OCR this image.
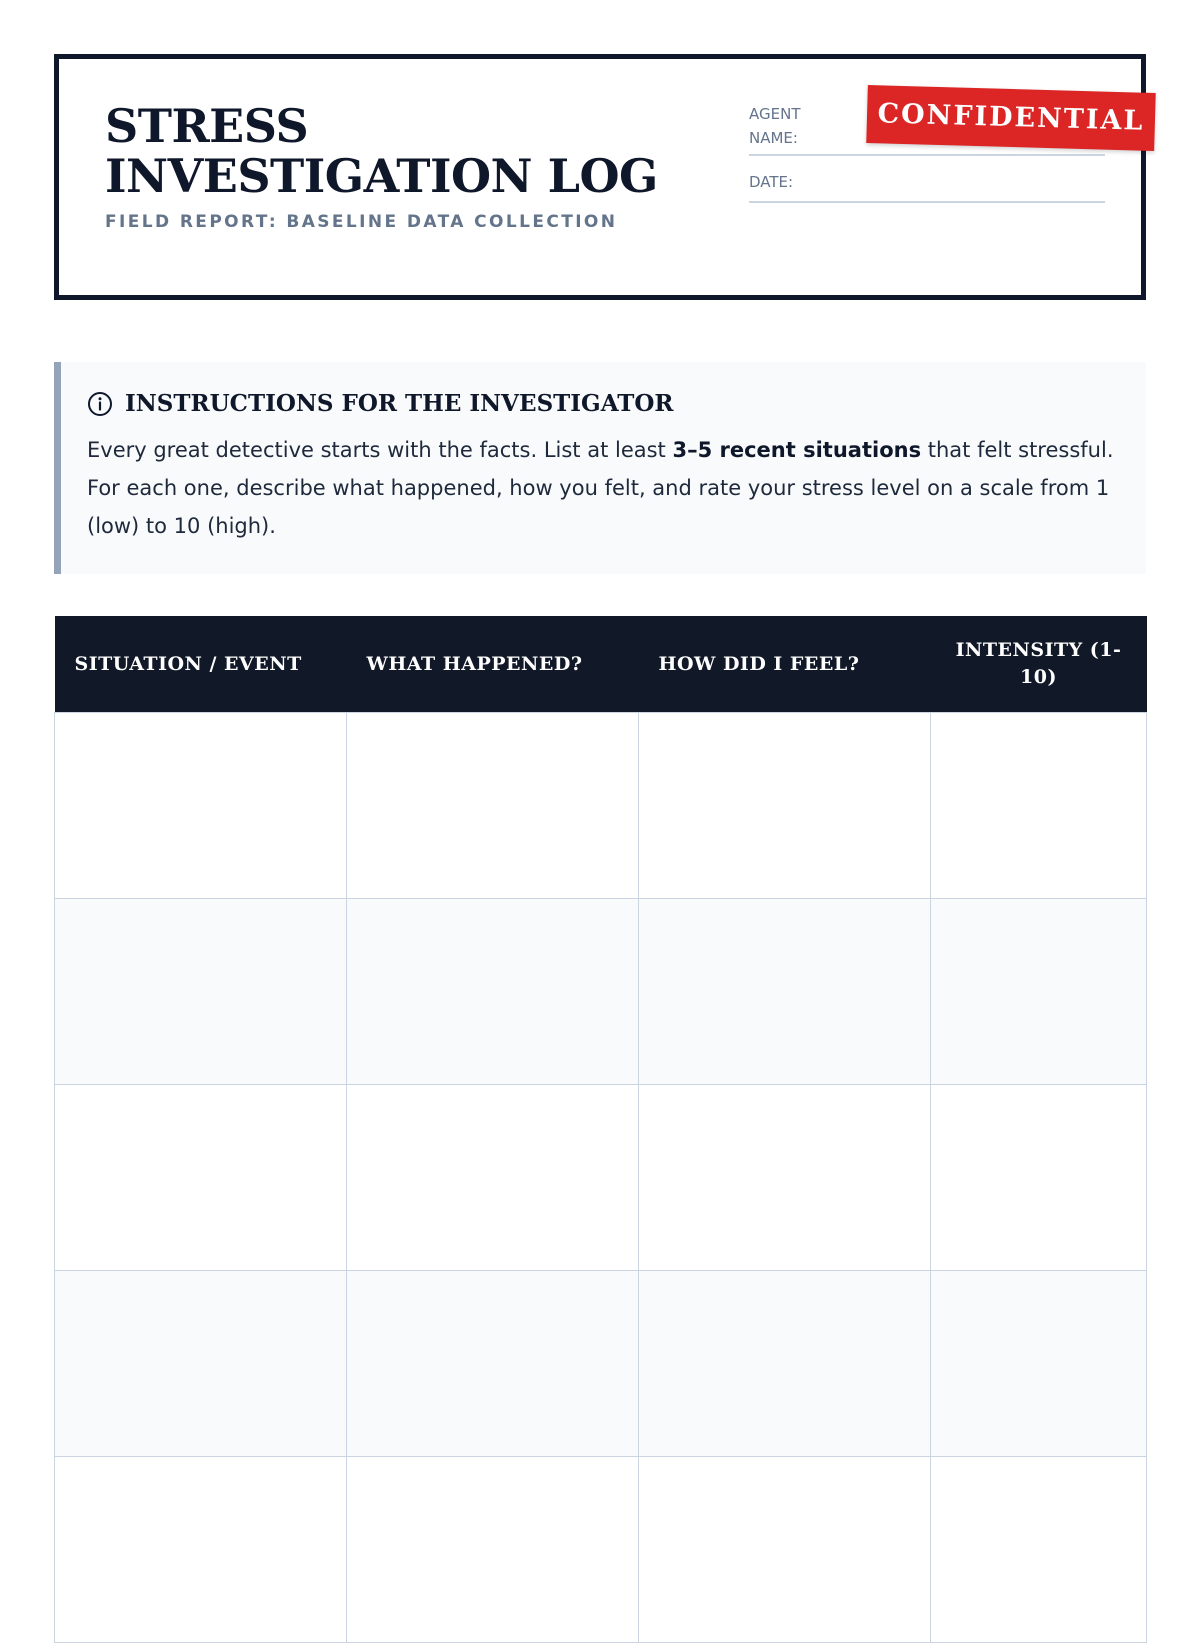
CONFIDENTIAL
STRESS INVESTIGATION LOG
FIELD REPORT: BASELINE DATA COLLECTION
AGENT NAME:
DATE:
INSTRUCTIONS FOR THE INVESTIGATOR
Every great detective starts with the facts. List at least 3–5 recent situations that felt stressful. For each one, describe what happened, how you felt, and rate your stress level on a scale from 1 (low) to 10 (high).
SITUATION / EVENT	WHAT HAPPENED?	HOW DID I FEEL?	INTENSITY (1-10)
